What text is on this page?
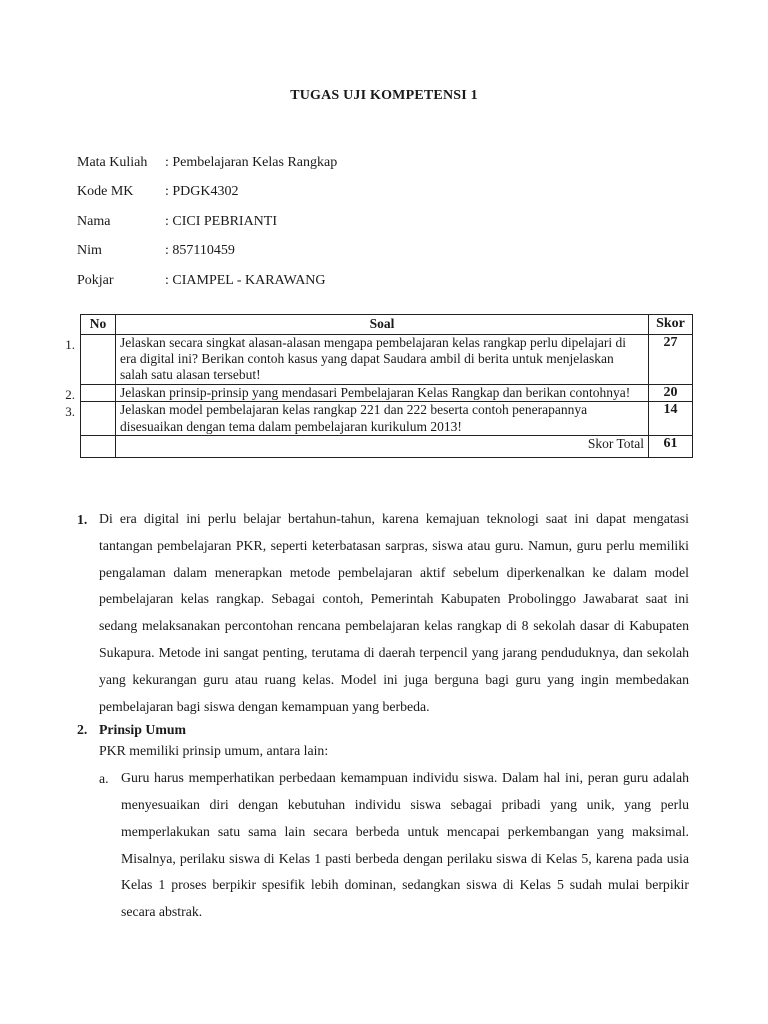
TUGAS UJI KOMPETENSI 1
Mata Kuliah	: Pembelajaran Kelas Rangkap
Kode MK	: PDGK4302
Nama	: CICI PEBRIANTI
Nim	: 857110459
Pokjar	: CIAMPEL - KARAWANG
No	Soal	Skor

1.	Jelaskan secara singkat alasan-alasan mengapa pembelajaran kelas rangkap perlu dipelajari di era digital ini? Berikan contoh kasus yang dapat Saudara ambil di berita untuk menjelaskan salah satu alasan tersebut!	27

2.	Jelaskan prinsip-prinsip yang mendasari Pembelajaran Kelas Rangkap dan berikan contohnya!	20

3.	Jelaskan model pembelajaran kelas rangkap 221 dan 222 beserta contoh penerapannya disesuaikan dengan tema dalam pembelajaran kurikulum 2013!	14
	Skor Total	61
1. Di era digital ini perlu belajar bertahun-tahun, karena kemajuan teknologi saat ini dapat mengatasi tantangan pembelajaran PKR, seperti keterbatasan sarpras, siswa atau guru. Namun, guru perlu memiliki pengalaman dalam menerapkan metode pembelajaran aktif sebelum diperkenalkan ke dalam model pembelajaran kelas rangkap. Sebagai contoh, Pemerintah Kabupaten Probolinggo Jawabarat saat ini sedang melaksanakan percontohan rencana pembelajaran kelas rangkap di 8 sekolah dasar di Kabupaten Sukapura. Metode ini sangat penting, terutama di daerah terpencil yang jarang penduduknya, dan sekolah yang kekurangan guru atau ruang kelas. Model ini juga berguna bagi guru yang ingin membedakan pembelajaran bagi siswa dengan kemampuan yang berbeda.
2. Prinsip Umum
PKR memiliki prinsip umum, antara lain:
a. Guru harus memperhatikan perbedaan kemampuan individu siswa. Dalam hal ini, peran guru adalah menyesuaikan diri dengan kebutuhan individu siswa sebagai pribadi yang unik, yang perlu memperlakukan satu sama lain secara berbeda untuk mencapai perkembangan yang maksimal. Misalnya, perilaku siswa di Kelas 1 pasti berbeda dengan perilaku siswa di Kelas 5, karena pada usia Kelas 1 proses berpikir spesifik lebih dominan, sedangkan siswa di Kelas 5 sudah mulai berpikir secara abstrak.
